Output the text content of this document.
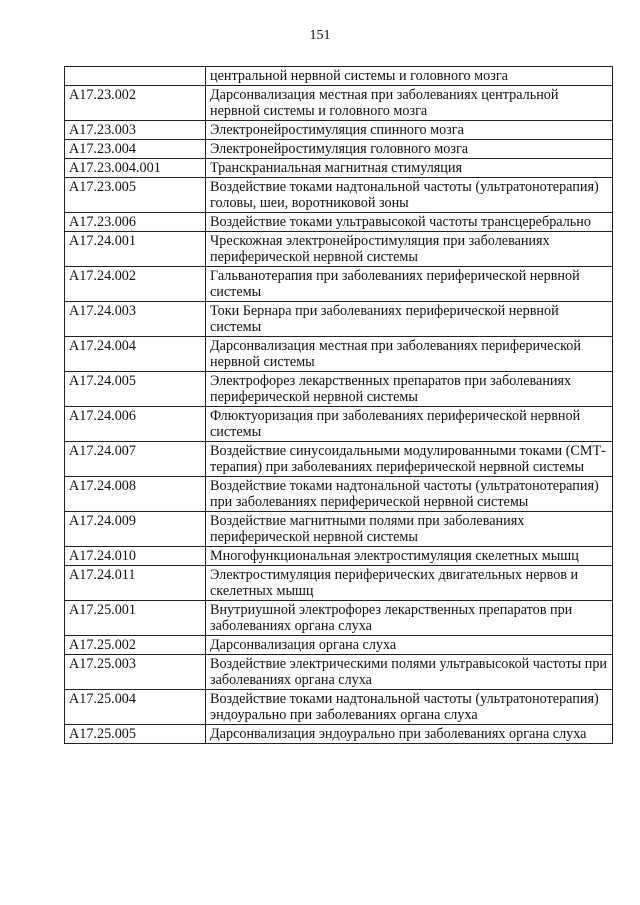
151
	центральной нервной системы и головного мозга
A17.23.002	Дарсонвализация местная при заболеваниях центральной нервной системы и головного мозга
A17.23.003	Электронейростимуляция спинного мозга
A17.23.004	Электронейростимуляция головного мозга
A17.23.004.001	Транскраниальная магнитная стимуляция
A17.23.005	Воздействие токами надтональной частоты (ультратонотерапия) головы, шеи, воротниковой зоны
A17.23.006	Воздействие токами ультравысокой частоты трансцеребрально
A17.24.001	Чрескожная электронейростимуляция при заболеваниях периферической нервной системы
A17.24.002	Гальванотерапия при заболеваниях периферической нервной системы
A17.24.003	Токи Бернара при заболеваниях периферической нервной системы
A17.24.004	Дарсонвализация местная при заболеваниях периферической нервной системы
A17.24.005	Электрофорез лекарственных препаратов при заболеваниях периферической нервной системы
A17.24.006	Флюктуоризация при заболеваниях периферической нервной системы
A17.24.007	Воздействие синусоидальными модулированными токами (СМТ-терапия) при заболеваниях периферической нервной системы
A17.24.008	Воздействие токами надтональной частоты (ультратонотерапия) при заболеваниях периферической нервной системы
A17.24.009	Воздействие магнитными полями при заболеваниях периферической нервной системы
A17.24.010	Многофункциональная электростимуляция скелетных мышц
A17.24.011	Электростимуляция периферических двигательных нервов и скелетных мышц
A17.25.001	Внутриушной электрофорез лекарственных препаратов при заболеваниях органа слуха
A17.25.002	Дарсонвализация органа слуха
A17.25.003	Воздействие электрическими полями ультравысокой частоты при заболеваниях органа слуха
A17.25.004	Воздействие токами надтональной частоты (ультратонотерапия) эндоурально при заболеваниях органа слуха
A17.25.005	Дарсонвализация эндоурально при заболеваниях органа слуха
